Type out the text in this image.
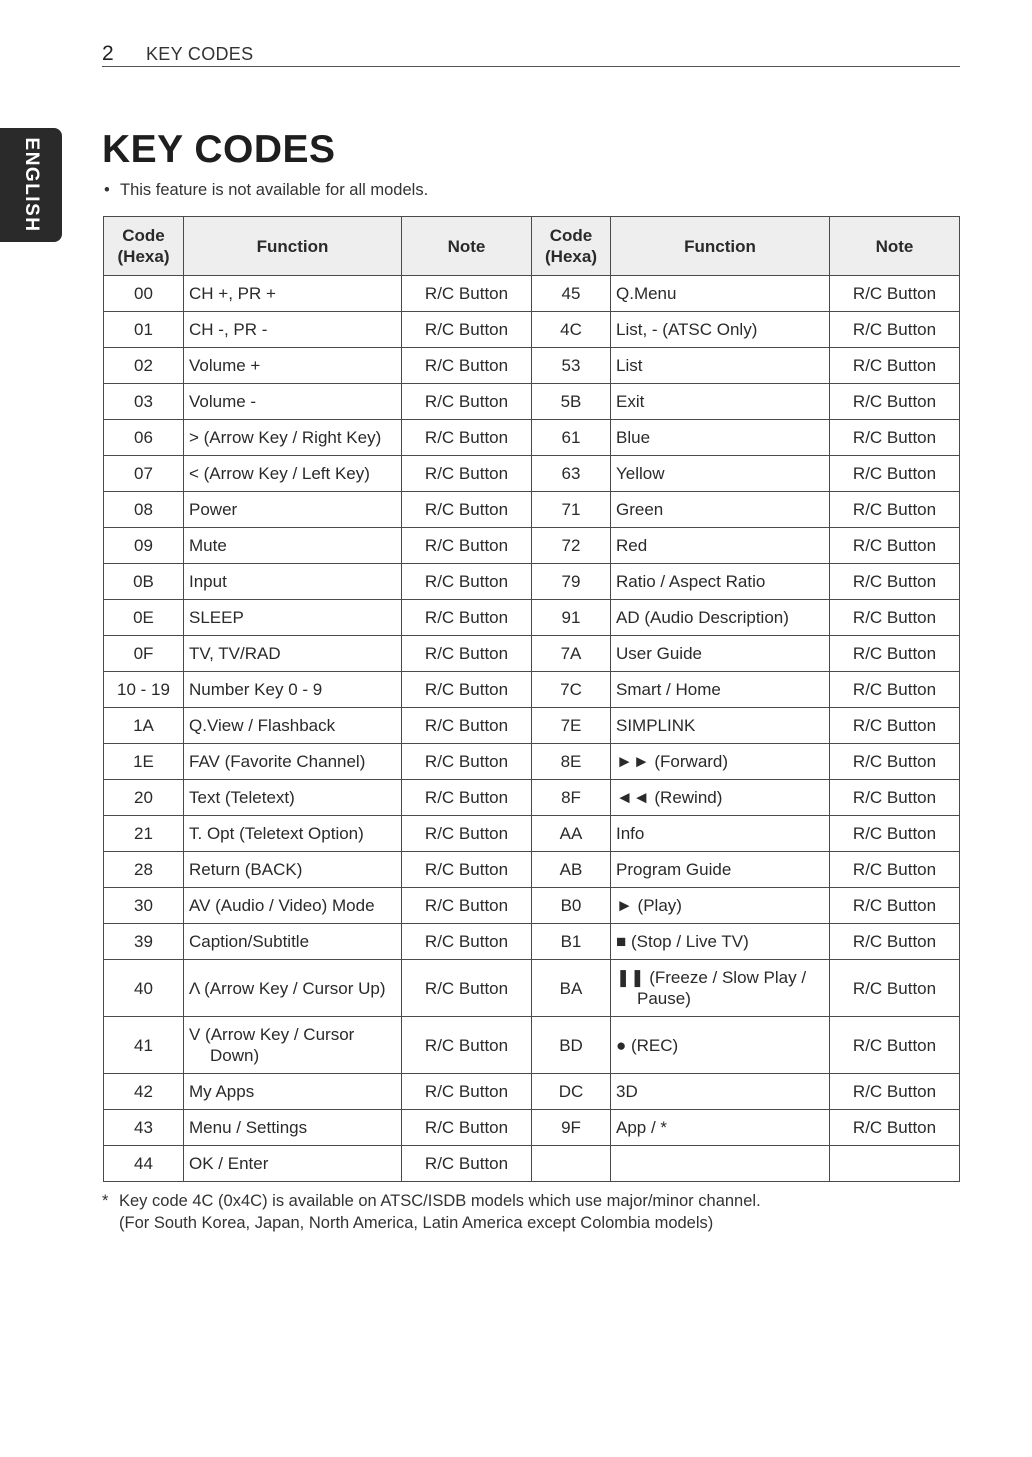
2 KEY CODES
ENGLISH KEY CODES
• This feature is not available for all models.
Code (Hexa)	Function	Note	Code (Hexa)	Function	Note
00	CH +, PR +	R/C Button	45	Q.Menu	R/C Button
01	CH -, PR -	R/C Button	4C	List, - (ATSC Only)	R/C Button
02	Volume +	R/C Button	53	List	R/C Button
03	Volume -	R/C Button	5B	Exit	R/C Button
06	> (Arrow Key / Right Key)	R/C Button	61	Blue	R/C Button
07	< (Arrow Key / Left Key)	R/C Button	63	Yellow	R/C Button
08	Power	R/C Button	71	Green	R/C Button
09	Mute	R/C Button	72	Red	R/C Button
0B	Input	R/C Button	79	Ratio / Aspect Ratio	R/C Button
0E	SLEEP	R/C Button	91	AD (Audio Description)	R/C Button
0F	TV, TV/RAD	R/C Button	7A	User Guide	R/C Button
10 - 19	Number Key 0 - 9	R/C Button	7C	Smart / Home	R/C Button
1A	Q.View / Flashback	R/C Button	7E	SIMPLINK	R/C Button
1E	FAV (Favorite Channel)	R/C Button	8E	►► (Forward)	R/C Button
20	Text (Teletext)	R/C Button	8F	◄◄ (Rewind)	R/C Button
21	T. Opt (Teletext Option)	R/C Button	AA	Info	R/C Button
28	Return (BACK)	R/C Button	AB	Program Guide	R/C Button
30	AV (Audio / Video) Mode	R/C Button	B0	► (Play)	R/C Button
39	Caption/Subtitle	R/C Button	B1	■ (Stop / Live TV)	R/C Button
40	Λ (Arrow Key / Cursor Up)	R/C Button	BA	❚❚ (Freeze / Slow Play / Pause)	R/C Button
41	V (Arrow Key / Cursor Down)	R/C Button	BD	● (REC)	R/C Button
42	My Apps	R/C Button	DC	3D	R/C Button
43	Menu / Settings	R/C Button	9F	App / *	R/C Button
44	OK / Enter	R/C Button		

* Key code 4C (0x4C) is available on ATSC/ISDB models which use major/minor channel.
(For South Korea, Japan, North America, Latin America except Colombia models)
